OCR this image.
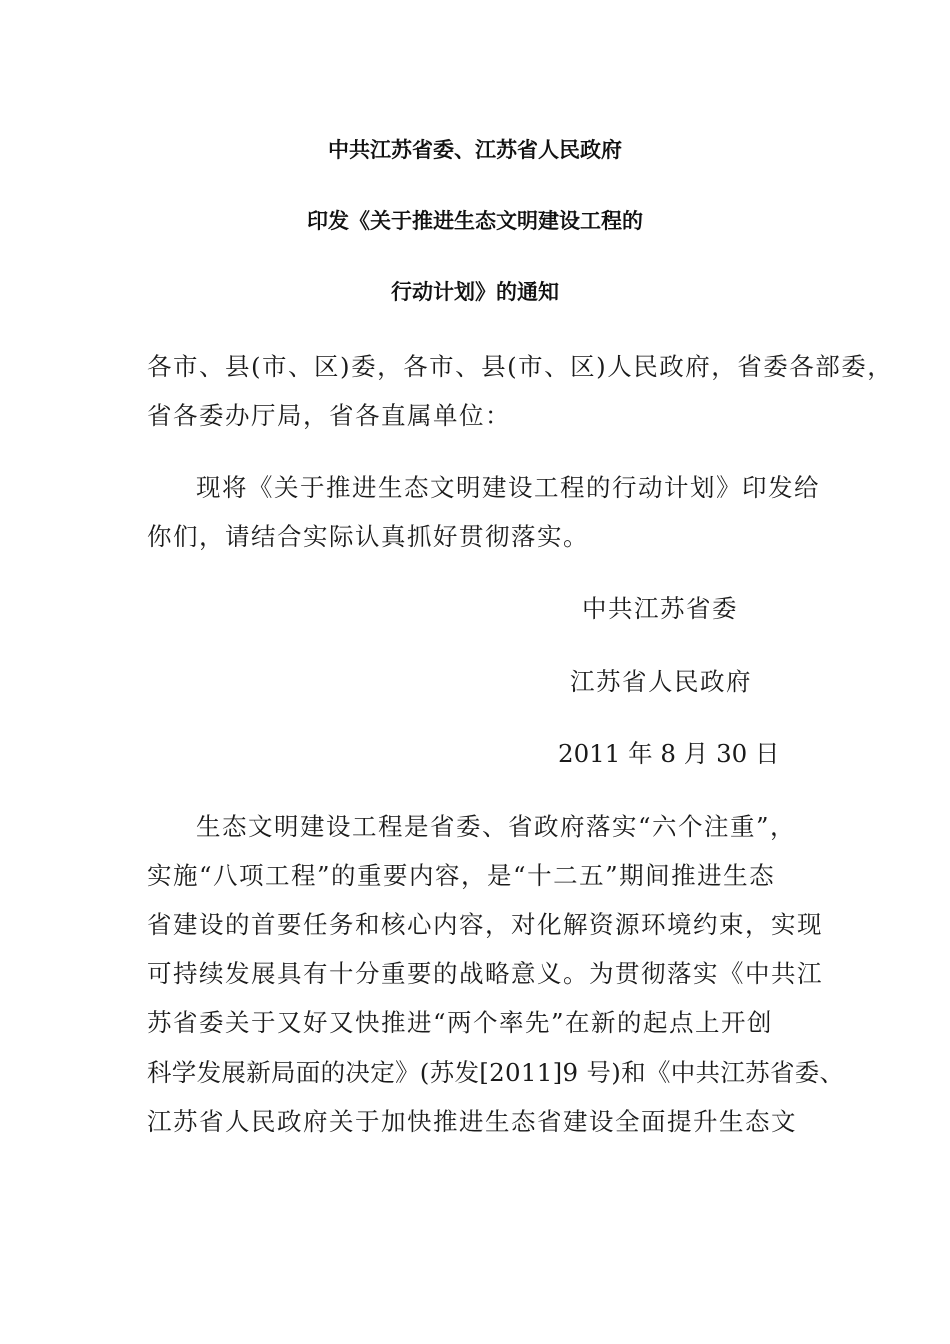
中共江苏省委、江苏省人民政府
印发《关于推进生态文明建设工程的
行动计划》的通知
各市、县(市、区)委，各市、县(市、区)人民政府，省委各部委，
省各委办厅局，省各直属单位：
现将《关于推进生态文明建设工程的行动计划》印发给
你们，请结合实际认真抓好贯彻落实。
中共江苏省委
江苏省人民政府
2011 年 8 月 30 日
生态文明建设工程是省委、省政府落实“六个注重”，
实施“八项工程”的重要内容，是“十二五”期间推进生态
省建设的首要任务和核心内容，对化解资源环境约束，实现
可持续发展具有十分重要的战略意义。为贯彻落实《中共江
苏省委关于又好又快推进“两个率先”在新的起点上开创
科学发展新局面的决定》(苏发[2011]9 号)和《中共江苏省委、
江苏省人民政府关于加快推进生态省建设全面提升生态文
